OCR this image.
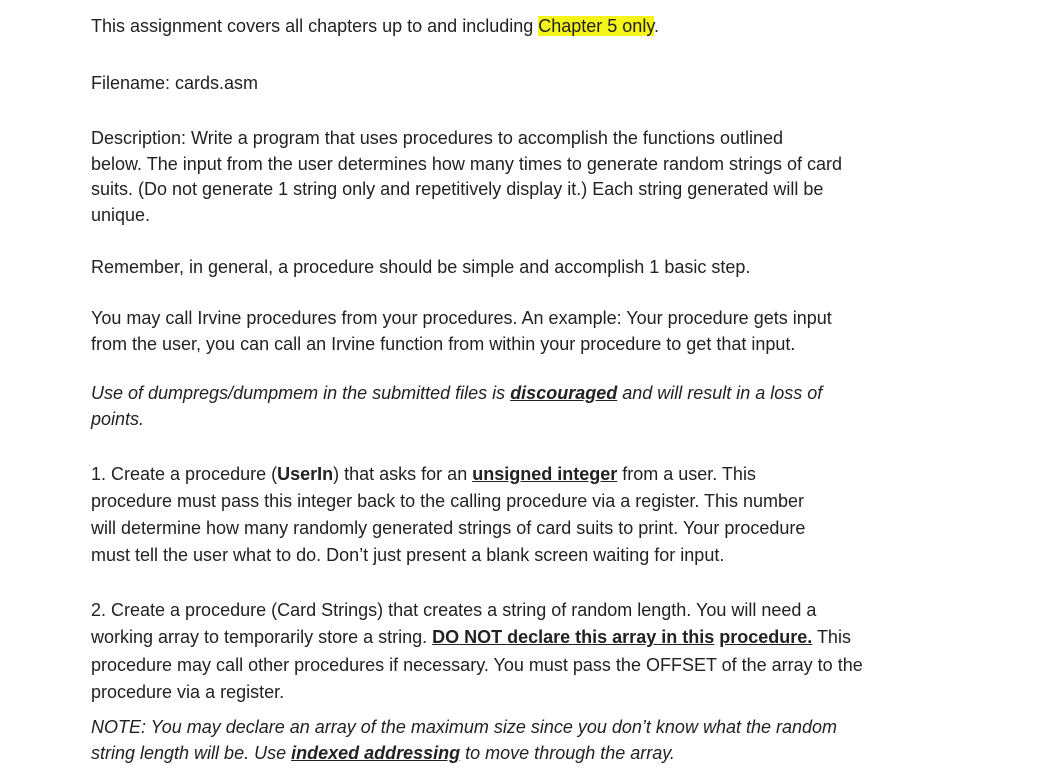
This assignment covers all chapters up to and including Chapter 5 only.

Filename: cards.asm

Description: Write a program that uses procedures to accomplish the functions outlined

below. The input from the user determines how many times to generate random strings of card

suits. (Do not generate 1 string only and repetitively display it.) Each string generated will be

unique.

Remember, in general, a procedure should be simple and accomplish 1 basic step.

You may call Irvine procedures from your procedures. An example: Your procedure gets input

from the user, you can call an Irvine function from within your procedure to get that input.

Use of dumpregs/dumpmem in the submitted files is discouraged and will result in a loss of

points.

1. Create a procedure (UserIn) that asks for an unsigned integer from a user. This

procedure must pass this integer back to the calling procedure via a register. This number

will determine how many randomly generated strings of card suits to print. Your procedure

must tell the user what to do. Don’t just present a blank screen waiting for input.

2. Create a procedure (Card Strings) that creates a string of random length. You will need a

working array to temporarily store a string. DO NOT declare this array in this procedure. This

procedure may call other procedures if necessary. You must pass the OFFSET of the array to the

procedure via a register.

NOTE: You may declare an array of the maximum size since you don’t know what the random

string length will be. Use indexed addressing to move through the array.
